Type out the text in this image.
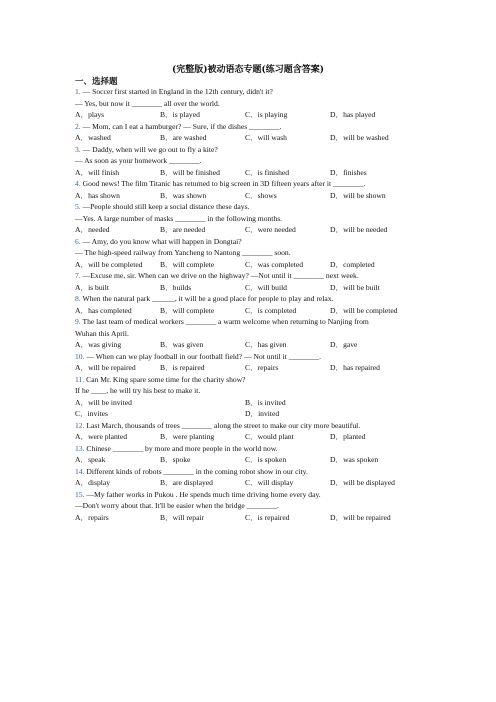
(完整版)被动语态专题(练习题含答案)
一、选择题
1. — Soccer first started in England in the 12th century, didn't it?
— Yes, but now it ________ all over the world.
A．plays	B．is played	C．is playing	D．has played
2. — Mom, can I eat a hamburger? — Sure, if the dishes ________.
A．washed	B．are washed	C．will wash	D．will be washed
3. — Daddy, when will we go out to fly a kite?
— As soon as your homework ________.
A．will finish	B．will be finished	C．is finished	D．finishes
4. Good news! The film Titanic has returned to big screen in 3D fifteen years after it ________.
A．has shown	B．was shown	C．shows	D．will be shown
5. —People should still keep a social distance these days.
—Yes. A large number of masks ________ in the following months.
A．needed	B．are needed	C．were needed	D．will be needed
6. — Amy, do you know what will happen in Dongtai?
— The high-speed railway from Yancheng to Nantong ________ soon.
A．will be completed B．will complete	C．was completed	D．completed
7. —Excuse me, sir. When can we drive on the highway? —Not until it ________ next week.
A．is built	B．builds	C．will build	D．will be built
8. When the natural park ______, it will be a good place for people to play and relax.
A．has completed	B．will complete	C．is completed	D．will be completed
9. The last team of medical workers ________ a warm welcome when returning to Nanjing from
Wuhan this April.
A．was giving	B．was given	C．has given	D．gave
10. — When can we play football in our football field? — Not until it ________.
A．will be repaired	B．is repaired	C．repairs	D．has repaired
11. Can Mr. King spare some time for the charity show?
If he ____, he will try his best to make it.
A．will be invited	B．is invited
C．invites	D．invited
12. Last March, thousands of trees ________ along the street to make our city more beautiful.
A．were planted	B．were planting	C．would plant	D．planted
13. Chinese ________ by more and more people in the world now.
A．speak	B．spoke	C．is spoken	D．was spoken
14. Different kinds of robots ________ in the coming robot show in our city.
A．display	B．are displayed	C．will display	D．will be displayed
15. —My father works in Pukou . He spends much time driving home every day.
—Don't worry about that. It'll be easier when the bridge ________.
A．repairs	B．will repair	C．is repaired	D．will be repaired
